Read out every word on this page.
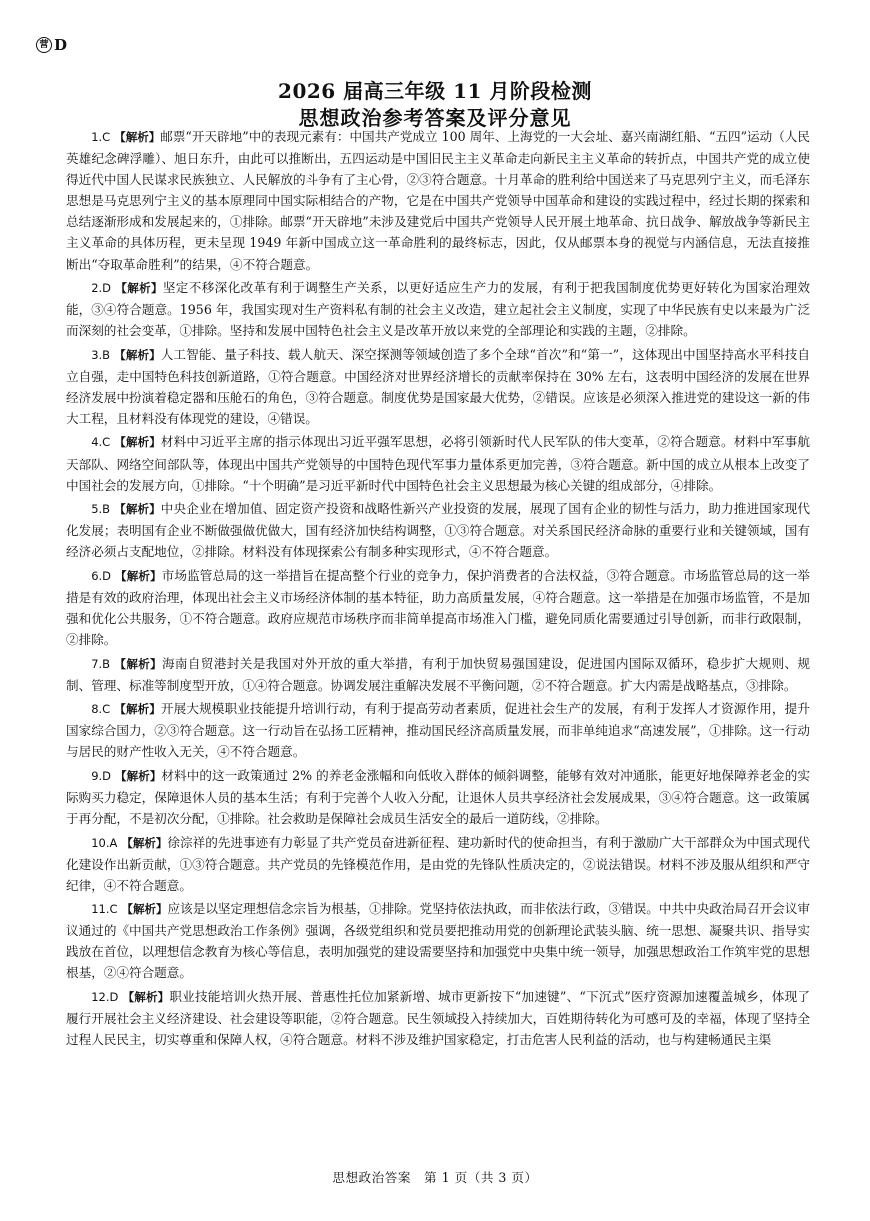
营 D
2026 届高三年级 11 月阶段检测
思想政治参考答案及评分意见

1.C 【解析】邮票“开天辟地”中的表现元素有：中国共产党成立 100 周年、上海党的一大会址、嘉兴南湖红船、“五四”运动（人民英雄纪念碑浮雕）、旭日东升，由此可以推断出，五四运动是中国旧民主主义革命走向新民主主义革命的转折点，中国共产党的成立使得近代中国人民谋求民族独立、人民解放的斗争有了主心骨，②③符合题意。十月革命的胜利给中国送来了马克思列宁主义，而毛泽东思想是马克思列宁主义的基本原理同中国实际相结合的产物，它是在中国共产党领导中国革命和建设的实践过程中，经过长期的探索和总结逐渐形成和发展起来的，①排除。邮票“开天辟地”未涉及建党后中国共产党领导人民开展土地革命、抗日战争、解放战争等新民主主义革命的具体历程，更未呈现 1949 年新中国成立这一革命胜利的最终标志，因此，仅从邮票本身的视觉与内涵信息，无法直接推断出“夺取革命胜利”的结果，④不符合题意。

2.D 【解析】坚定不移深化改革有利于调整生产关系，以更好适应生产力的发展，有利于把我国制度优势更好转化为国家治理效能，③④符合题意。1956 年，我国实现对生产资料私有制的社会主义改造，建立起社会主义制度，实现了中华民族有史以来最为广泛而深刻的社会变革，①排除。坚持和发展中国特色社会主义是改革开放以来党的全部理论和实践的主题，②排除。

3.B 【解析】人工智能、量子科技、载人航天、深空探测等领域创造了多个全球“首次”和“第一”，这体现出中国坚持高水平科技自立自强，走中国特色科技创新道路，①符合题意。中国经济对世界经济增长的贡献率保持在 30% 左右，这表明中国经济的发展在世界经济发展中扮演着稳定器和压舱石的角色，③符合题意。制度优势是国家最大优势，②错误。应该是必须深入推进党的建设这一新的伟大工程，且材料没有体现党的建设，④错误。

4.C 【解析】材料中习近平主席的指示体现出习近平强军思想，必将引领新时代人民军队的伟大变革，②符合题意。材料中军事航天部队、网络空间部队等，体现出中国共产党领导的中国特色现代军事力量体系更加完善，③符合题意。新中国的成立从根本上改变了中国社会的发展方向，①排除。“十个明确”是习近平新时代中国特色社会主义思想最为核心关键的组成部分，④排除。

5.B 【解析】中央企业在增加值、固定资产投资和战略性新兴产业投资的发展，展现了国有企业的韧性与活力，助力推进国家现代化发展；表明国有企业不断做强做优做大，国有经济加快结构调整，①③符合题意。对关系国民经济命脉的重要行业和关键领域，国有经济必须占支配地位，②排除。材料没有体现探索公有制多种实现形式，④不符合题意。

6.D 【解析】市场监管总局的这一举措旨在提高整个行业的竞争力，保护消费者的合法权益，③符合题意。市场监管总局的这一举措是有效的政府治理，体现出社会主义市场经济体制的基本特征，助力高质量发展，④符合题意。这一举措是在加强市场监管，不是加强和优化公共服务，①不符合题意。政府应规范市场秩序而非简单提高市场准入门槛，避免同质化需要通过引导创新，而非行政限制，②排除。

7.B 【解析】海南自贸港封关是我国对外开放的重大举措，有利于加快贸易强国建设，促进国内国际双循环，稳步扩大规则、规制、管理、标准等制度型开放，①④符合题意。协调发展注重解决发展不平衡问题，②不符合题意。扩大内需是战略基点，③排除。

8.C 【解析】开展大规模职业技能提升培训行动，有利于提高劳动者素质，促进社会生产的发展，有利于发挥人才资源作用，提升国家综合国力，②③符合题意。这一行动旨在弘扬工匠精神，推动国民经济高质量发展，而非单纯追求“高速发展”，①排除。这一行动与居民的财产性收入无关，④不符合题意。

9.D 【解析】材料中的这一政策通过 2% 的养老金涨幅和向低收入群体的倾斜调整，能够有效对冲通胀，能更好地保障养老金的实际购买力稳定，保障退休人员的基本生活；有利于完善个人收入分配，让退休人员共享经济社会发展成果，③④符合题意。这一政策属于再分配，不是初次分配，①排除。社会救助是保障社会成员生活安全的最后一道防线，②排除。

10.A 【解析】徐淙祥的先进事迹有力彰显了共产党员奋进新征程、建功新时代的使命担当，有利于激励广大干部群众为中国式现代化建设作出新贡献，①③符合题意。共产党员的先锋模范作用，是由党的先锋队性质决定的，②说法错误。材料不涉及服从组织和严守纪律，④不符合题意。

11.C 【解析】应该是以坚定理想信念宗旨为根基，①排除。党坚持依法执政，而非依法行政，③错误。中共中央政治局召开会议审议通过的《中国共产党思想政治工作条例》强调，各级党组织和党员要把推动用党的创新理论武装头脑、统一思想、凝聚共识、指导实践放在首位，以理想信念教育为核心等信息，表明加强党的建设需要坚持和加强党中央集中统一领导，加强思想政治工作筑牢党的思想根基，②④符合题意。

12.D 【解析】职业技能培训火热开展、普惠性托位加紧新增、城市更新按下“加速键”、“下沉式”医疗资源加速覆盖城乡，体现了履行开展社会主义经济建设、社会建设等职能，②符合题意。民生领域投入持续加大，百姓期待转化为可感可及的幸福，体现了坚持全过程人民民主，切实尊重和保障人权，④符合题意。材料不涉及维护国家稳定，打击危害人民利益的活动，也与构建畅通民主渠

思想政治答案　第 1 页（共 3 页）
